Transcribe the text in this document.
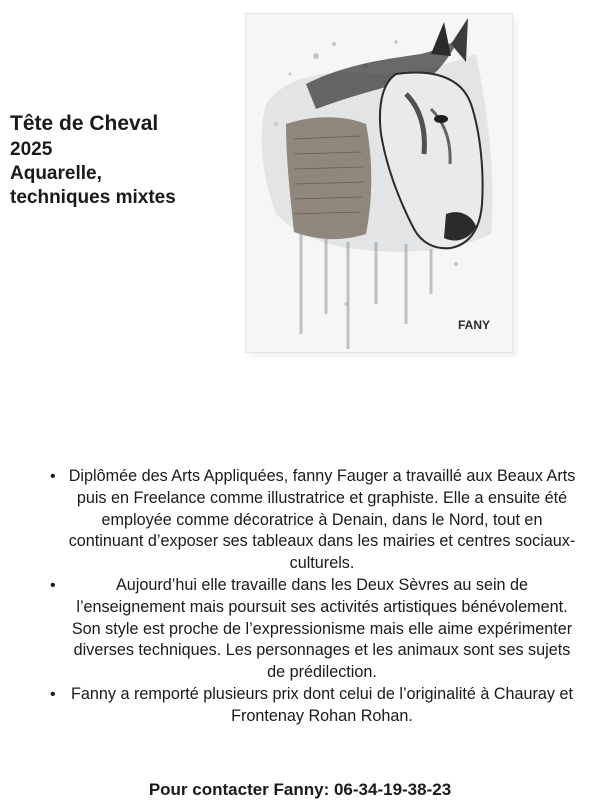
Tête de Cheval
2025
Aquarelle,
techniques mixtes
FANY
• Diplômée des Arts Appliquées, fanny Fauger a travaillé aux Beaux Arts puis en Freelance comme illustratrice et graphiste. Elle a ensuite été employée comme décoratrice à Denain, dans le Nord, tout en continuant d’exposer ses tableaux dans les mairies et centres sociaux-culturels.
•	Aujourd’hui elle travaille dans les Deux Sèvres au sein de l’enseignement mais poursuit ses activités artistiques bénévolement. Son style est proche de l’expressionisme mais elle aime expérimenter diverses techniques. Les personnages et les animaux sont ses sujets de prédilection.
• Fanny a remporté plusieurs prix dont celui de l’originalité à Chauray et Frontenay Rohan Rohan.
Pour contacter Fanny: 06-34-19-38-23
